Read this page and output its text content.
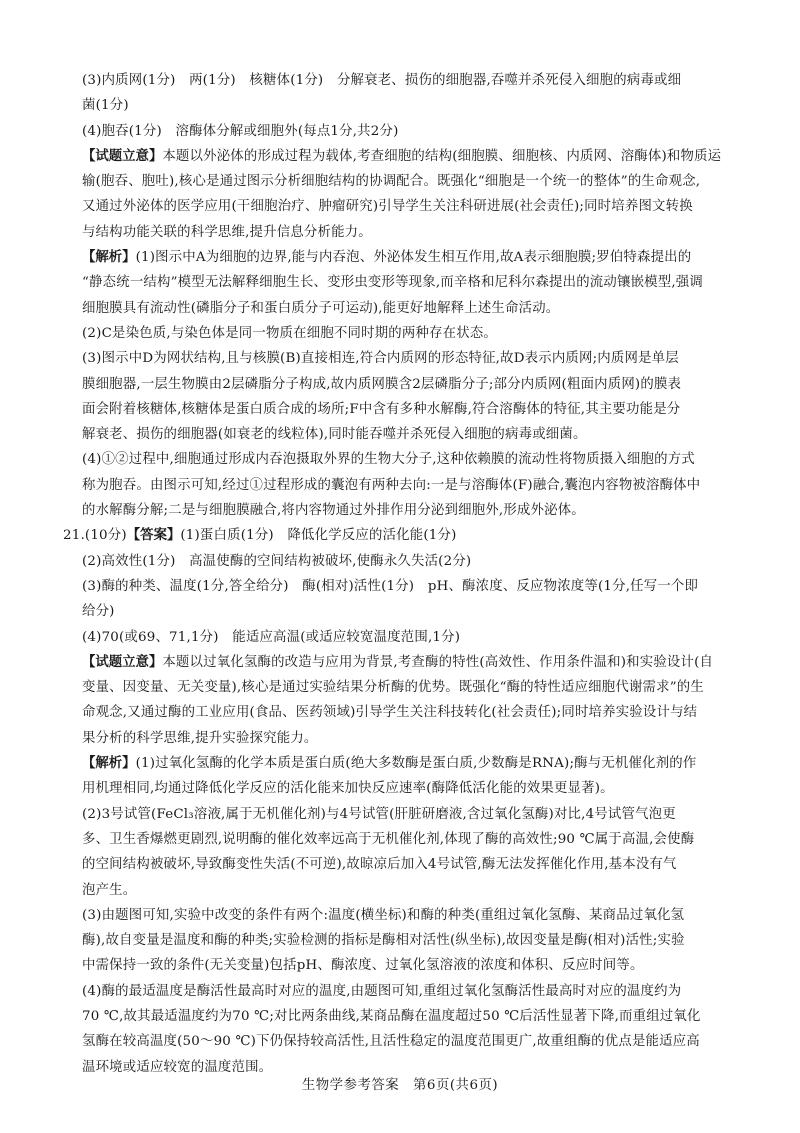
(3)内质网(1分)　两(1分)　核糖体(1分)　分解衰老、损伤的细胞器,吞噬并杀死侵入细胞的病毒或细
菌(1分)
(4)胞吞(1分)　溶酶体分解或细胞外(每点1分,共2分)
【试题立意】本题以外泌体的形成过程为载体,考查细胞的结构(细胞膜、细胞核、内质网、溶酶体)和物质运
输(胞吞、胞吐),核心是通过图示分析细胞结构的协调配合。既强化“细胞是一个统一的整体”的生命观念,
又通过外泌体的医学应用(干细胞治疗、肿瘤研究)引导学生关注科研进展(社会责任);同时培养图文转换
与结构功能关联的科学思维,提升信息分析能力。
【解析】(1)图示中A为细胞的边界,能与内吞泡、外泌体发生相互作用,故A表示细胞膜;罗伯特森提出的
“静态统一结构”模型无法解释细胞生长、变形虫变形等现象,而辛格和尼科尔森提出的流动镶嵌模型,强调
细胞膜具有流动性(磷脂分子和蛋白质分子可运动),能更好地解释上述生命活动。
(2)C是染色质,与染色体是同一物质在细胞不同时期的两种存在状态。
(3)图示中D为网状结构,且与核膜(B)直接相连,符合内质网的形态特征,故D表示内质网;内质网是单层
膜细胞器,一层生物膜由2层磷脂分子构成,故内质网膜含2层磷脂分子;部分内质网(粗面内质网)的膜表
面会附着核糖体,核糖体是蛋白质合成的场所;F中含有多种水解酶,符合溶酶体的特征,其主要功能是分
解衰老、损伤的细胞器(如衰老的线粒体),同时能吞噬并杀死侵入细胞的病毒或细菌。
(4)①②过程中,细胞通过形成内吞泡摄取外界的生物大分子,这种依赖膜的流动性将物质摄入细胞的方式
称为胞吞。由图示可知,经过①过程形成的囊泡有两种去向:一是与溶酶体(F)融合,囊泡内容物被溶酶体中
的水解酶分解;二是与细胞膜融合,将内容物通过外排作用分泌到细胞外,形成外泌体。
21.(10分)【答案】(1)蛋白质(1分)　降低化学反应的活化能(1分)
(2)高效性(1分)　高温使酶的空间结构被破坏,使酶永久失活(2分)
(3)酶的种类、温度(1分,答全给分)　酶(相对)活性(1分)　pH、酶浓度、反应物浓度等(1分,任写一个即
给分)
(4)70(或69、71,1分)　能适应高温(或适应较宽温度范围,1分)
【试题立意】本题以过氧化氢酶的改造与应用为背景,考查酶的特性(高效性、作用条件温和)和实验设计(自
变量、因变量、无关变量),核心是通过实验结果分析酶的优势。既强化“酶的特性适应细胞代谢需求”的生
命观念,又通过酶的工业应用(食品、医药领域)引导学生关注科技转化(社会责任);同时培养实验设计与结
果分析的科学思维,提升实验探究能力。
【解析】(1)过氧化氢酶的化学本质是蛋白质(绝大多数酶是蛋白质,少数酶是RNA);酶与无机催化剂的作
用机理相同,均通过降低化学反应的活化能来加快反应速率(酶降低活化能的效果更显著)。
(2)3号试管(FeCl₃溶液,属于无机催化剂)与4号试管(肝脏研磨液,含过氧化氢酶)对比,4号试管气泡更
多、卫生香爆燃更剧烈,说明酶的催化效率远高于无机催化剂,体现了酶的高效性;90 ℃属于高温,会使酶
的空间结构被破坏,导致酶变性失活(不可逆),故晾凉后加入4号试管,酶无法发挥催化作用,基本没有气
泡产生。
(3)由题图可知,实验中改变的条件有两个:温度(横坐标)和酶的种类(重组过氧化氢酶、某商品过氧化氢
酶),故自变量是温度和酶的种类;实验检测的指标是酶相对活性(纵坐标),故因变量是酶(相对)活性;实验
中需保持一致的条件(无关变量)包括pH、酶浓度、过氧化氢溶液的浓度和体积、反应时间等。
(4)酶的最适温度是酶活性最高时对应的温度,由题图可知,重组过氧化氢酶活性最高时对应的温度约为
70 ℃,故其最适温度约为70 ℃;对比两条曲线,某商品酶在温度超过50 ℃后活性显著下降,而重组过氧化
氢酶在较高温度(50～90 ℃)下仍保持较高活性,且活性稳定的温度范围更广,故重组酶的优点是能适应高
温环境或适应较宽的温度范围。
生物学参考答案　第6页(共6页)
